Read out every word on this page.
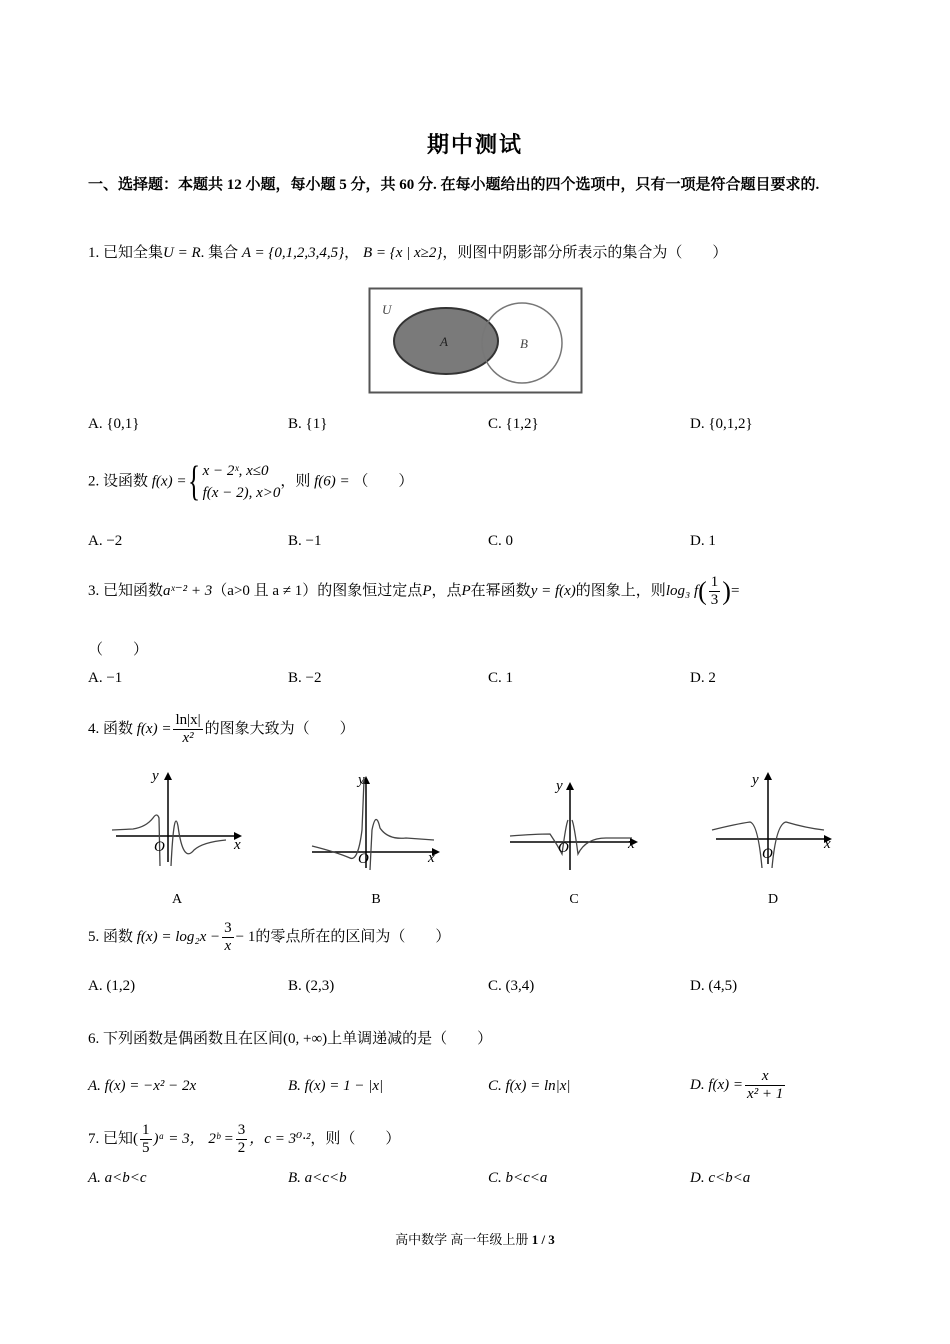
期中测试
一、选择题：本题共 12 小题，每小题 5 分，共 60 分. 在每小题给出的四个选项中，只有一项是符合题目要求的.
1. 已知全集U = R. 集合 A = {0,1,2,3,4,5}， B = {x | x≥2}，则图中阴影部分所表示的集合为（　　）
U
A	B
A. {0,1}	B. {1}	C. {1,2}	D. {0,1,2}
2. 设函数 f(x) ={ x − 2ˣ, x≤0
f(x − 2), x>0
，则 f(6) = （　　）
A. −2	B. −1	C. 0	D. 1
3. 已知函数aˣ⁻² + 3（a>0 且 a ≠ 1）的图象恒过定点P，点P在幂函数y = f(x)的图象上，则log₃ $f( \frac{1}{3}$ )=
（　　）
A. −1	B. −2	C. 1	D. 2
4. 函数 $f(x) = \frac{\ln|x|}{\text{x²}}$ 的图象大致为（　　）
y
x
O
A
y
x
O
B
y
x
O
C
y
x
O
D
5. 函数 $f(x) = \log_2x - \frac{3}{x} - 1$的零点所在的区间为（　　）
A. (1,2)	B. (2,3)	C. (3,4)	D. (4,5)
6. 下列函数是偶函数且在区间(0, +∞)上单调递减的是（　　）
A. f(x) = −x² − 2x	B. f(x) = 1 − |x|	C. f(x) = ln|x|	D. $f(x) = \frac{x}{\text{x² + 1}}$
7. 已知( $\frac{1}{5}$ )ᵃ = 3， 2ᵇ = $\frac{3}{2}$ ，c = 3⁰·²，则（　　）
A. a<b<c	B. a<c<b	C. b<c<a	D. c<b<a
高中数学 高一年级上册 1 / 3
